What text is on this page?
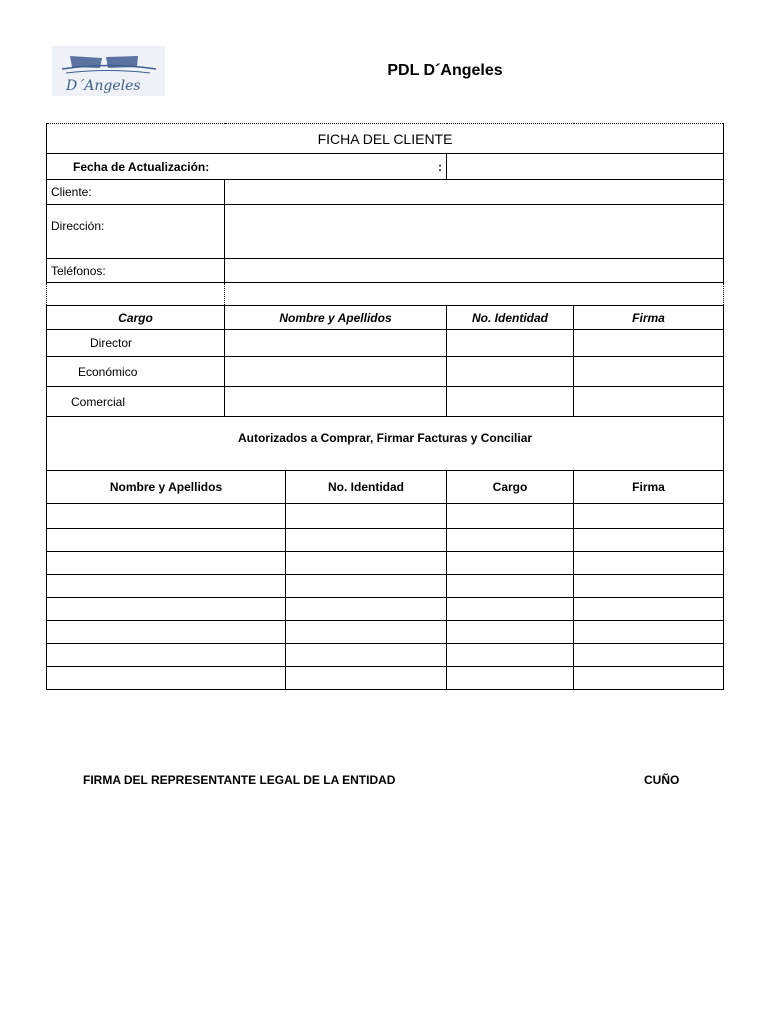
D´Angeles
PDL D´Angeles
FICHA DEL CLIENTE			
Fecha de Actualización: :			

Cliente:			
Dirección:			
Teléfonos:			

Cargo	Nombre y Apellidos	No. Identidad	Firma
Director			
Económico			
Comercial			
Autorizados a Comprar, Firmar Facturas y Conciliar			
Nombre y Apellidos	No. Identidad	Cargo	Firma

FIRMA DEL REPRESENTANTE LEGAL DE LA ENTIDAD	CUÑO
